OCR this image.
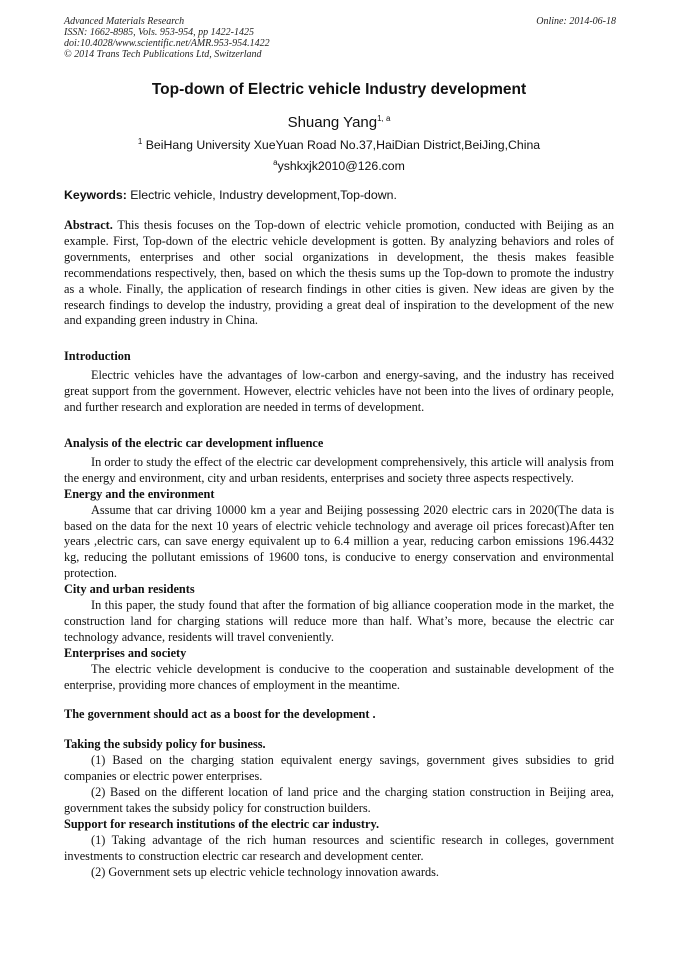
Advanced Materials Research
ISSN: 1662-8985, Vols. 953-954, pp 1422-1425
doi:10.4028/www.scientific.net/AMR.953-954.1422
© 2014 Trans Tech Publications Ltd, Switzerland
Online: 2014-06-18
Top-down of Electric vehicle Industry development
Shuang Yang$^{1, a}$
$^1$ BeiHang University XueYuan Road No.37,HaiDian District,BeiJing,China
$^a$yshkxjk2010@126.com
Keywords: Electric vehicle, Industry development,Top-down.

Abstract. This thesis focuses on the Top-down of electric vehicle promotion, conducted with Beijing as an example. First, Top-down of the electric vehicle development is gotten. By analyzing behaviors and roles of governments, enterprises and other social organizations in development, the thesis makes feasible recommendations respectively, then, based on which the thesis sums up the Top-down to promote the industry as a whole. Finally, the application of research findings in other cities is given. New ideas are given by the research findings to develop the industry, providing a great deal of inspiration to the development of the new and expanding green industry in China.

Introduction

Electric vehicles have the advantages of low-carbon and energy-saving, and the industry has received great support from the government. However, electric vehicles have not been into the lives of ordinary people, and further research and exploration are needed in terms of development.

Analysis of the electric car development influence

In order to study the effect of the electric car development comprehensively, this article will analysis from the energy and environment, city and urban residents, enterprises and society three aspects respectively.

Energy and the environment

Assume that car driving 10000 km a year and Beijing possessing 2020 electric cars in 2020(The data is based on the data for the next 10 years of electric vehicle technology and average oil prices forecast)After ten years ,electric cars, can save energy equivalent up to 6.4 million a year, reducing carbon emissions 196.4432 kg, reducing the pollutant emissions of 19600 tons, is conducive to energy conservation and environmental protection.

City and urban residents

In this paper, the study found that after the formation of big alliance cooperation mode in the market, the construction land for charging stations will reduce more than half. What’s more, because the electric car technology advance, residents will travel conveniently.

Enterprises and society

The electric vehicle development is conducive to the cooperation and sustainable development of the enterprise, providing more chances of employment in the meantime.

The government should act as a boost for the development .

Taking the subsidy policy for business.

(1) Based on the charging station equivalent energy savings, government gives subsidies to grid companies or electric power enterprises.

(2) Based on the different location of land price and the charging station construction in Beijing area, government takes the subsidy policy for construction builders.

Support for research institutions of the electric car industry.

(1) Taking advantage of the rich human resources and scientific research in colleges, government investments to construction electric car research and development center.

(2) Government sets up electric vehicle technology innovation awards.
